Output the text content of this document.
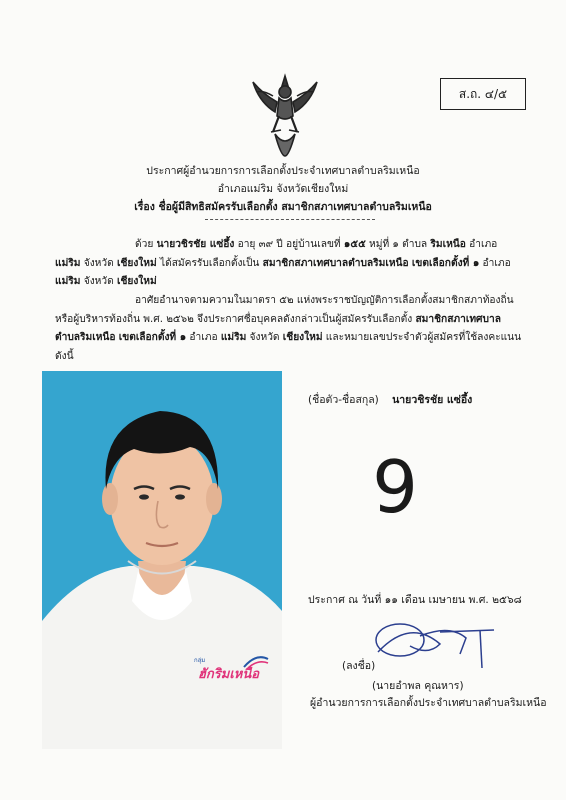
ส.ถ. ๔/๕
ประกาศผู้อำนวยการการเลือกตั้งประจำเทศบาลตำบลริมเหนือ
อำเภอแม่ริม จังหวัดเชียงใหม่
เรื่อง ชื่อผู้มีสิทธิสมัครรับเลือกตั้ง สมาชิกสภาเทศบาลตำบลริมเหนือ

ด้วย นายวชิรชัย แซ่อึ้ง อายุ ๓๙ ปี อยู่บ้านเลขที่ ๑๕๕ หมู่ที่ ๑ ตำบล ริมเหนือ อำเภอ แม่ริม จังหวัด เชียงใหม่ ได้สมัครรับเลือกตั้งเป็น สมาชิกสภาเทศบาลตำบลริมเหนือ เขตเลือกตั้งที่ ๑ อำเภอ แม่ริม จังหวัด เชียงใหม่

อาศัยอำนาจตามความในมาตรา ๕๒ แห่งพระราชบัญญัติการเลือกตั้งสมาชิกสภาท้องถิ่นหรือผู้บริหารท้องถิ่น พ.ศ. ๒๕๖๒ จึงประกาศชื่อบุคคลดังกล่าวเป็นผู้สมัครรับเลือกตั้ง สมาชิกสภาเทศบาลตำบลริมเหนือ เขตเลือกตั้งที่ ๑ อำเภอ แม่ริม จังหวัด เชียงใหม่ และหมายเลขประจำตัวผู้สมัครที่ใช้ลงคะแนน ดังนี้

กลุ่ม
ฮักริมเหนือ
(ชื่อตัว-ชื่อสกุล) นายวชิรชัย แซ่อึ้ง
9
ประกาศ ณ วันที่ ๑๑ เดือน เมษายน พ.ศ. ๒๕๖๘
(ลงชื่อ)
(นายอำพล คุณหาร)
ผู้อำนวยการการเลือกตั้งประจำเทศบาลตำบลริมเหนือ
